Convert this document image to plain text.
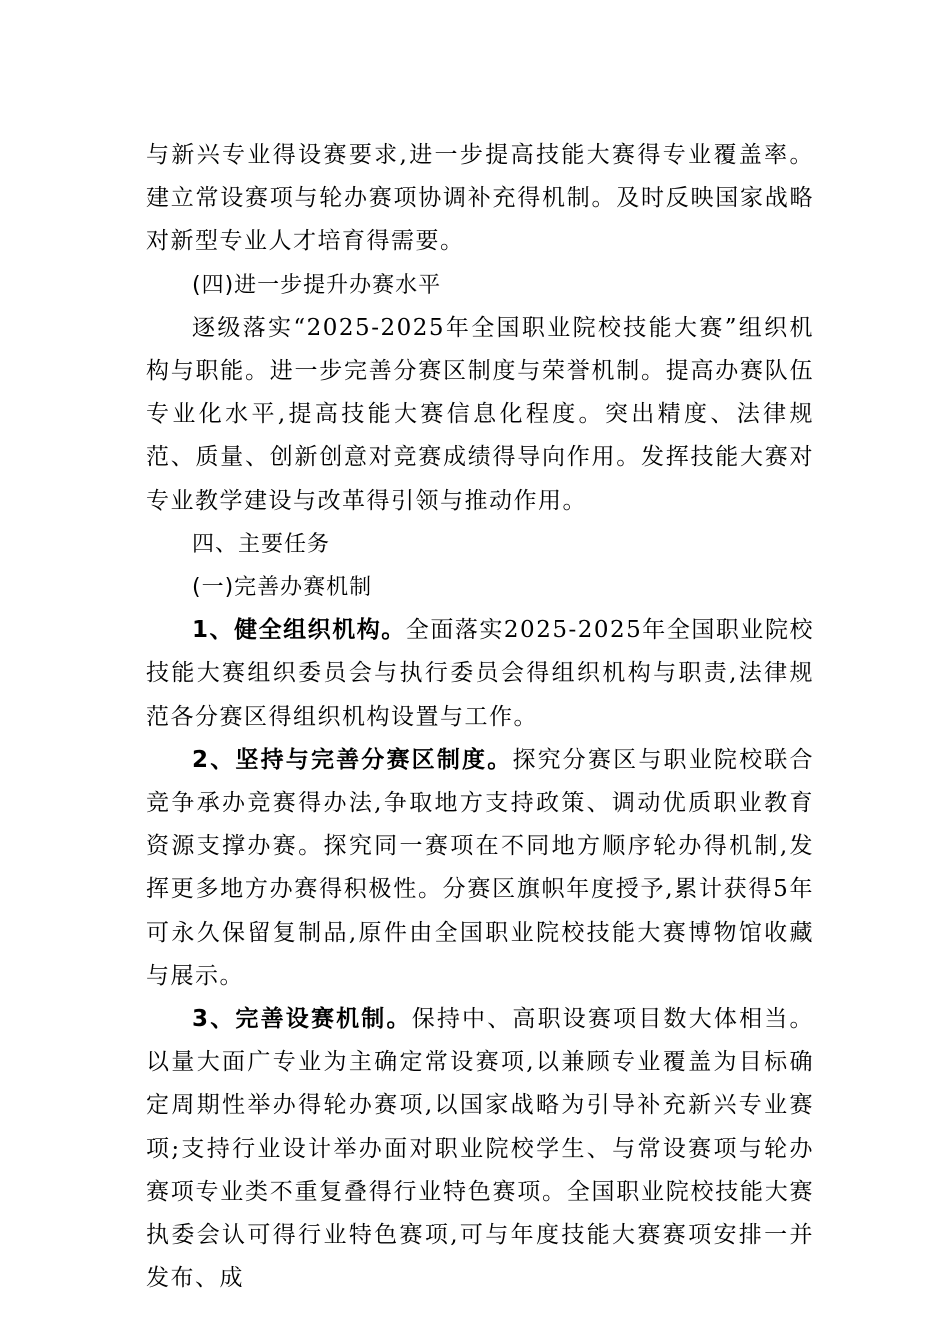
与新兴专业得设赛要求,进一步提高技能大赛得专业覆盖率。建立常设赛项与轮办赛项协调补充得机制。及时反映国家战略对新型专业人才培育得需要。

(四)进一步提升办赛水平

逐级落实“2025-2025年全国职业院校技能大赛”组织机构与职能。进一步完善分赛区制度与荣誉机制。提高办赛队伍专业化水平,提高技能大赛信息化程度。突出精度、法律规范、质量、创新创意对竞赛成绩得导向作用。发挥技能大赛对专业教学建设与改革得引领与推动作用。

四、主要任务

(一)完善办赛机制

1、健全组织机构。全面落实2025-2025年全国职业院校技能大赛组织委员会与执行委员会得组织机构与职责,法律规范各分赛区得组织机构设置与工作。

2、坚持与完善分赛区制度。探究分赛区与职业院校联合竞争承办竞赛得办法,争取地方支持政策、调动优质职业教育资源支撑办赛。探究同一赛项在不同地方顺序轮办得机制,发挥更多地方办赛得积极性。分赛区旗帜年度授予,累计获得5年可永久保留复制品,原件由全国职业院校技能大赛博物馆收藏与展示。

3、完善设赛机制。保持中、高职设赛项目数大体相当。以量大面广专业为主确定常设赛项,以兼顾专业覆盖为目标确定周期性举办得轮办赛项,以国家战略为引导补充新兴专业赛项;支持行业设计举办面对职业院校学生、与常设赛项与轮办赛项专业类不重复叠得行业特色赛项。全国职业院校技能大赛执委会认可得行业特色赛项,可与年度技能大赛赛项安排一并发布、成
